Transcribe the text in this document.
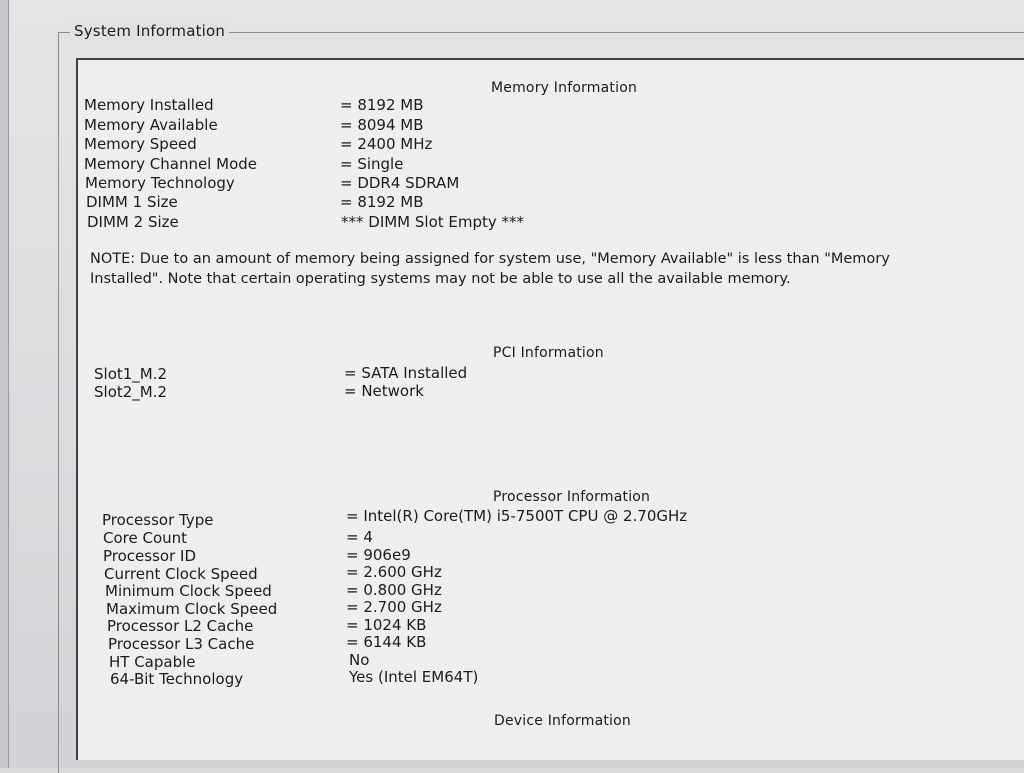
System Information
Memory Information
Memory Installed	= 8192 MB
Memory Available	= 8094 MB
Memory Speed	= 2400 MHz
Memory Channel Mode	= Single
Memory Technology	= DDR4 SDRAM
DIMM 1 Size	= 8192 MB
DIMM 2 Size	*** DIMM Slot Empty ***
NOTE: Due to an amount of memory being assigned for system use, "Memory Available" is less than "Memory Installed". Note that certain operating systems may not be able to use all the available memory.
PCI Information
Slot1_M.2	= SATA Installed
Slot2_M.2	= Network
Processor Information
Processor Type	= Intel(R) Core(TM) i5-7500T CPU @ 2.70GHz
Core Count	= 4
Processor ID	= 906e9
Current Clock Speed	= 2.600 GHz
Minimum Clock Speed	= 0.800 GHz
Maximum Clock Speed	= 2.700 GHz
Processor L2 Cache	= 1024 KB
Processor L3 Cache	= 6144 KB
HT Capable	No
64-Bit Technology	Yes (Intel EM64T)
Device Information
